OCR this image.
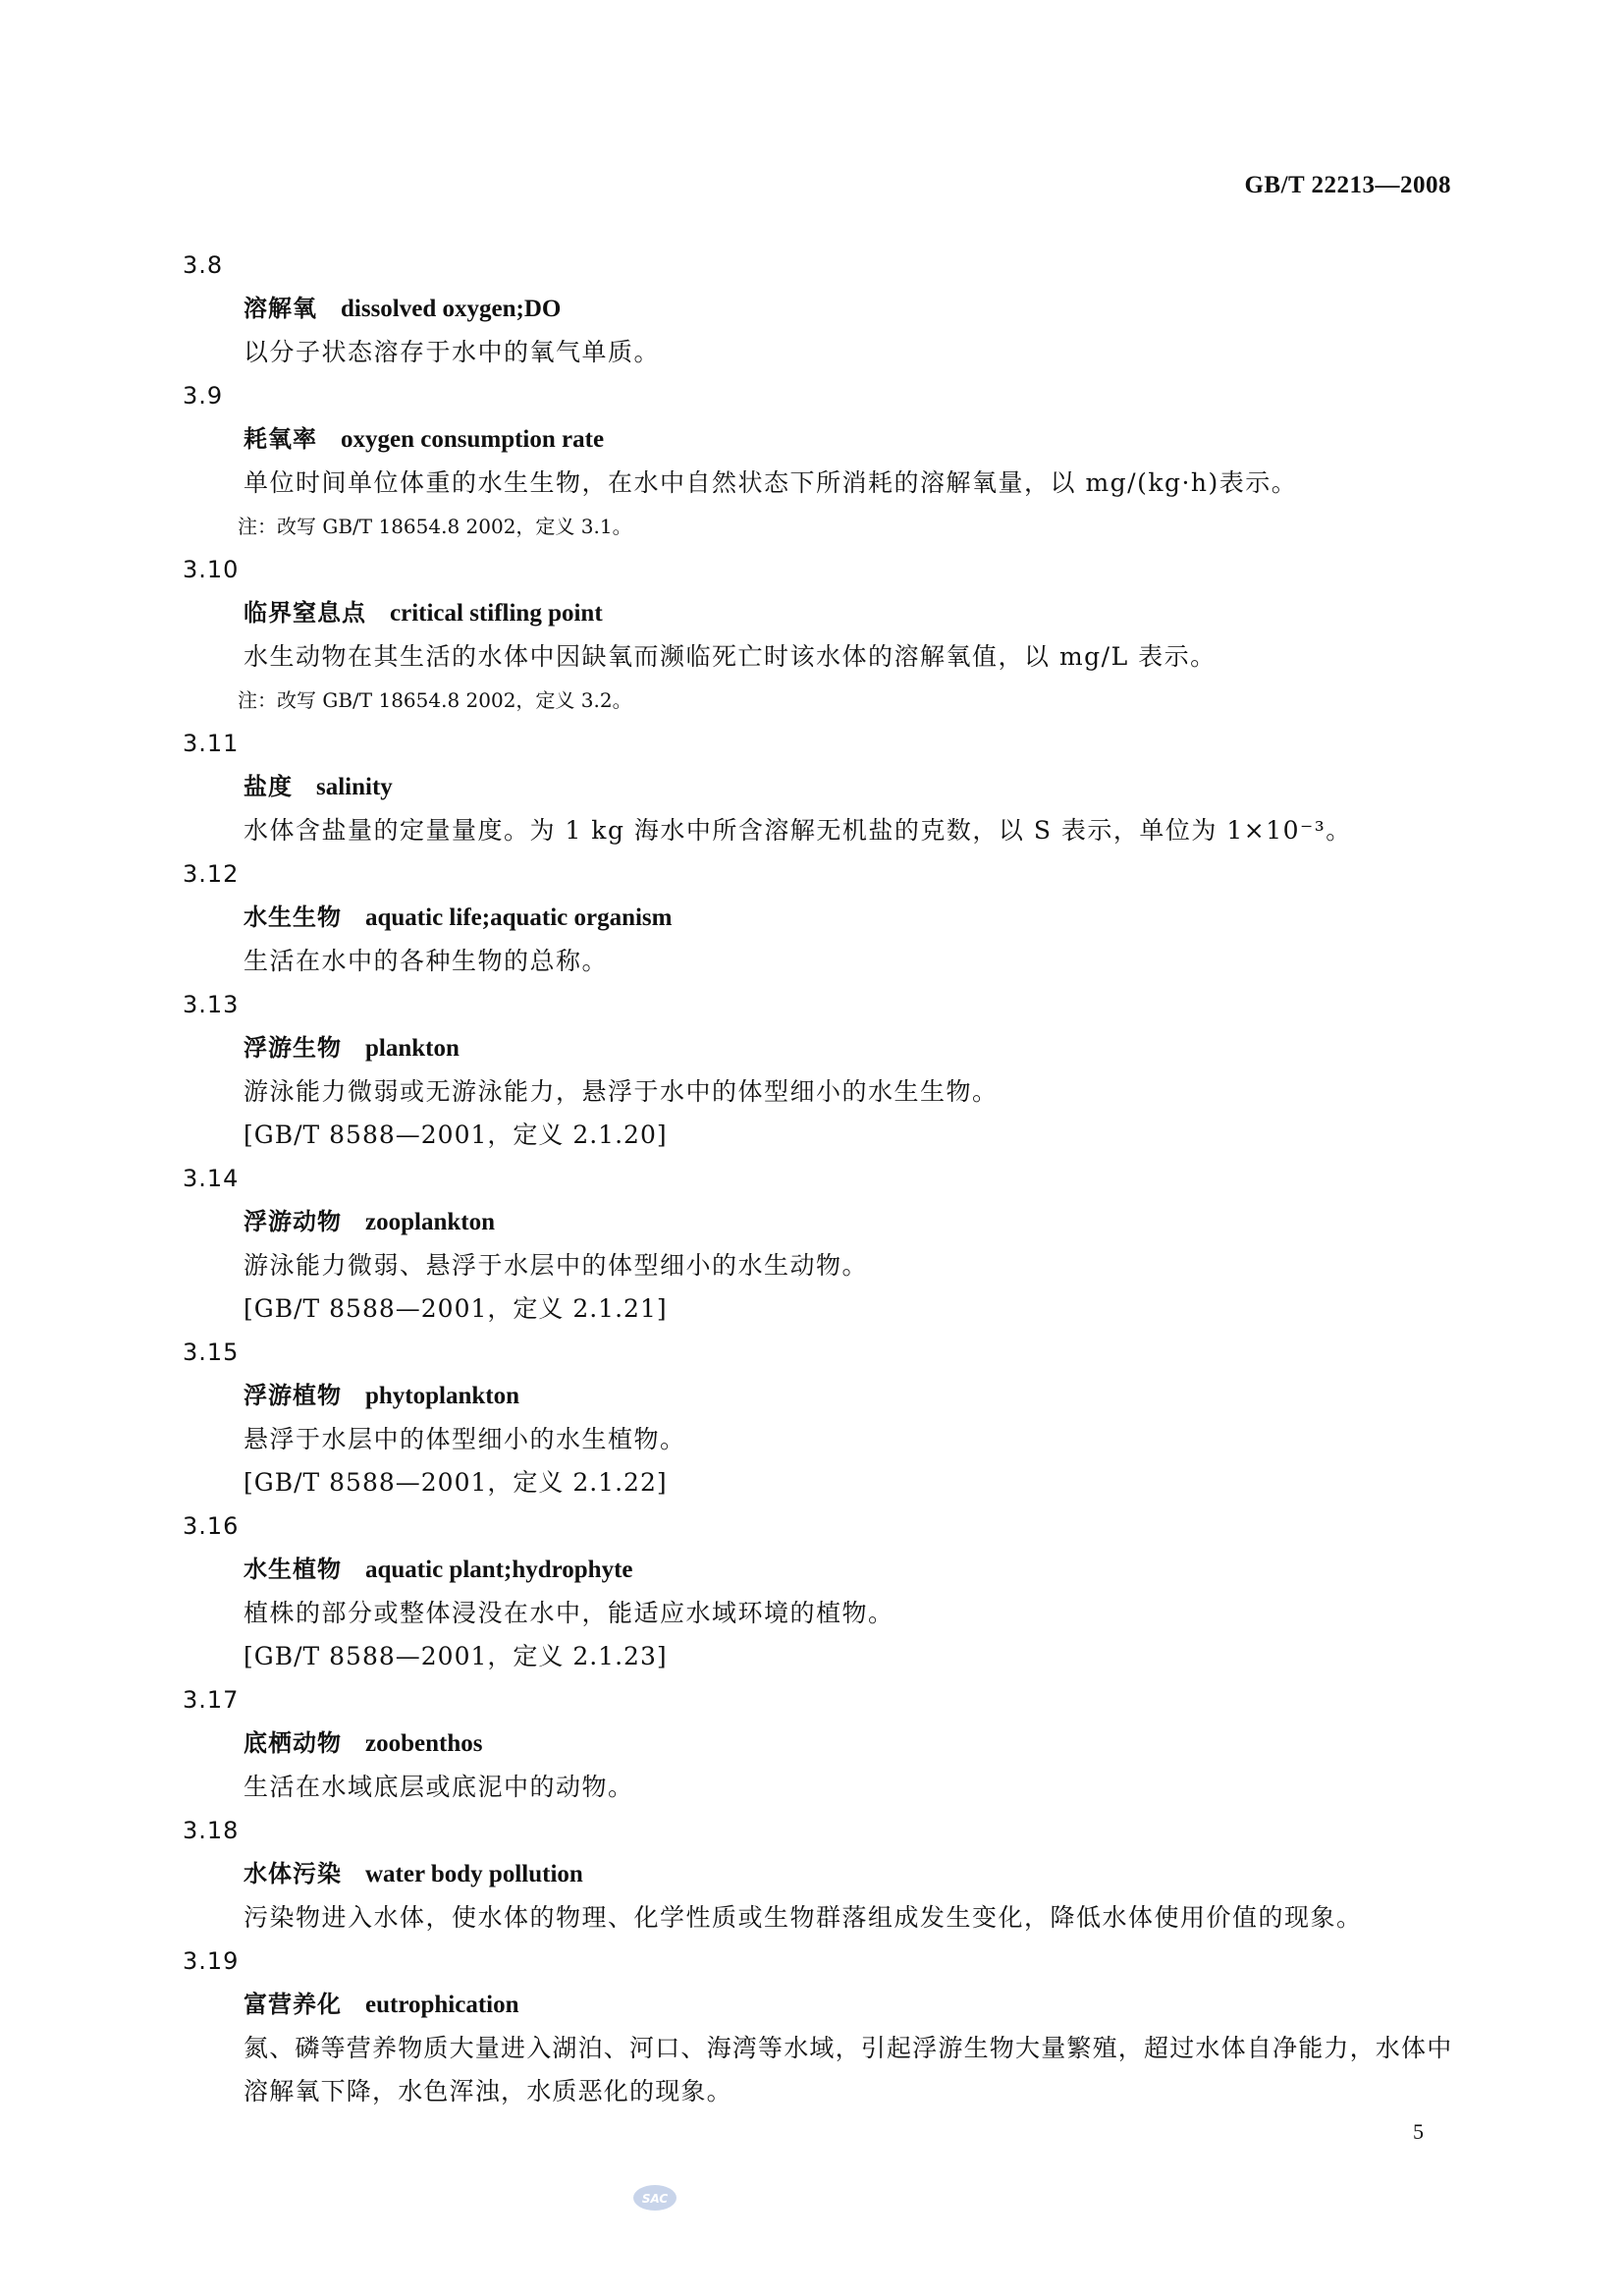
GB/T 22213—2008
3.8
溶解氧 dissolved oxygen;DO
以分子状态溶存于水中的氧气单质。
3.9
耗氧率 oxygen consumption rate
单位时间单位体重的水生生物，在水中自然状态下所消耗的溶解氧量，以 mg/(kg·h)表示。
注：改写 GB/T 18654.8 2002，定义 3.1。
3.10
临界窒息点 critical stifling point
水生动物在其生活的水体中因缺氧而濒临死亡时该水体的溶解氧值，以 mg/L 表示。
注：改写 GB/T 18654.8 2002，定义 3.2。
3.11
盐度 salinity
水体含盐量的定量量度。为 1 kg 海水中所含溶解无机盐的克数，以 S 表示，单位为 1×10⁻³。
3.12
水生生物 aquatic life;aquatic organism
生活在水中的各种生物的总称。
3.13
浮游生物 plankton
游泳能力微弱或无游泳能力，悬浮于水中的体型细小的水生生物。
[GB/T 8588—2001，定义 2.1.20]
3.14
浮游动物 zooplankton
游泳能力微弱、悬浮于水层中的体型细小的水生动物。
[GB/T 8588—2001，定义 2.1.21]
3.15
浮游植物 phytoplankton
悬浮于水层中的体型细小的水生植物。
[GB/T 8588—2001，定义 2.1.22]
3.16
水生植物 aquatic plant;hydrophyte
植株的部分或整体浸没在水中，能适应水域环境的植物。
[GB/T 8588—2001，定义 2.1.23]
3.17
底栖动物 zoobenthos
生活在水域底层或底泥中的动物。
3.18
水体污染 water body pollution
污染物进入水体，使水体的物理、化学性质或生物群落组成发生变化，降低水体使用价值的现象。
3.19
富营养化 eutrophication
氮、磷等营养物质大量进入湖泊、河口、海湾等水域，引起浮游生物大量繁殖，超过水体自净能力，水体中溶解氧下降，水色浑浊，水质恶化的现象。
5
SAC
